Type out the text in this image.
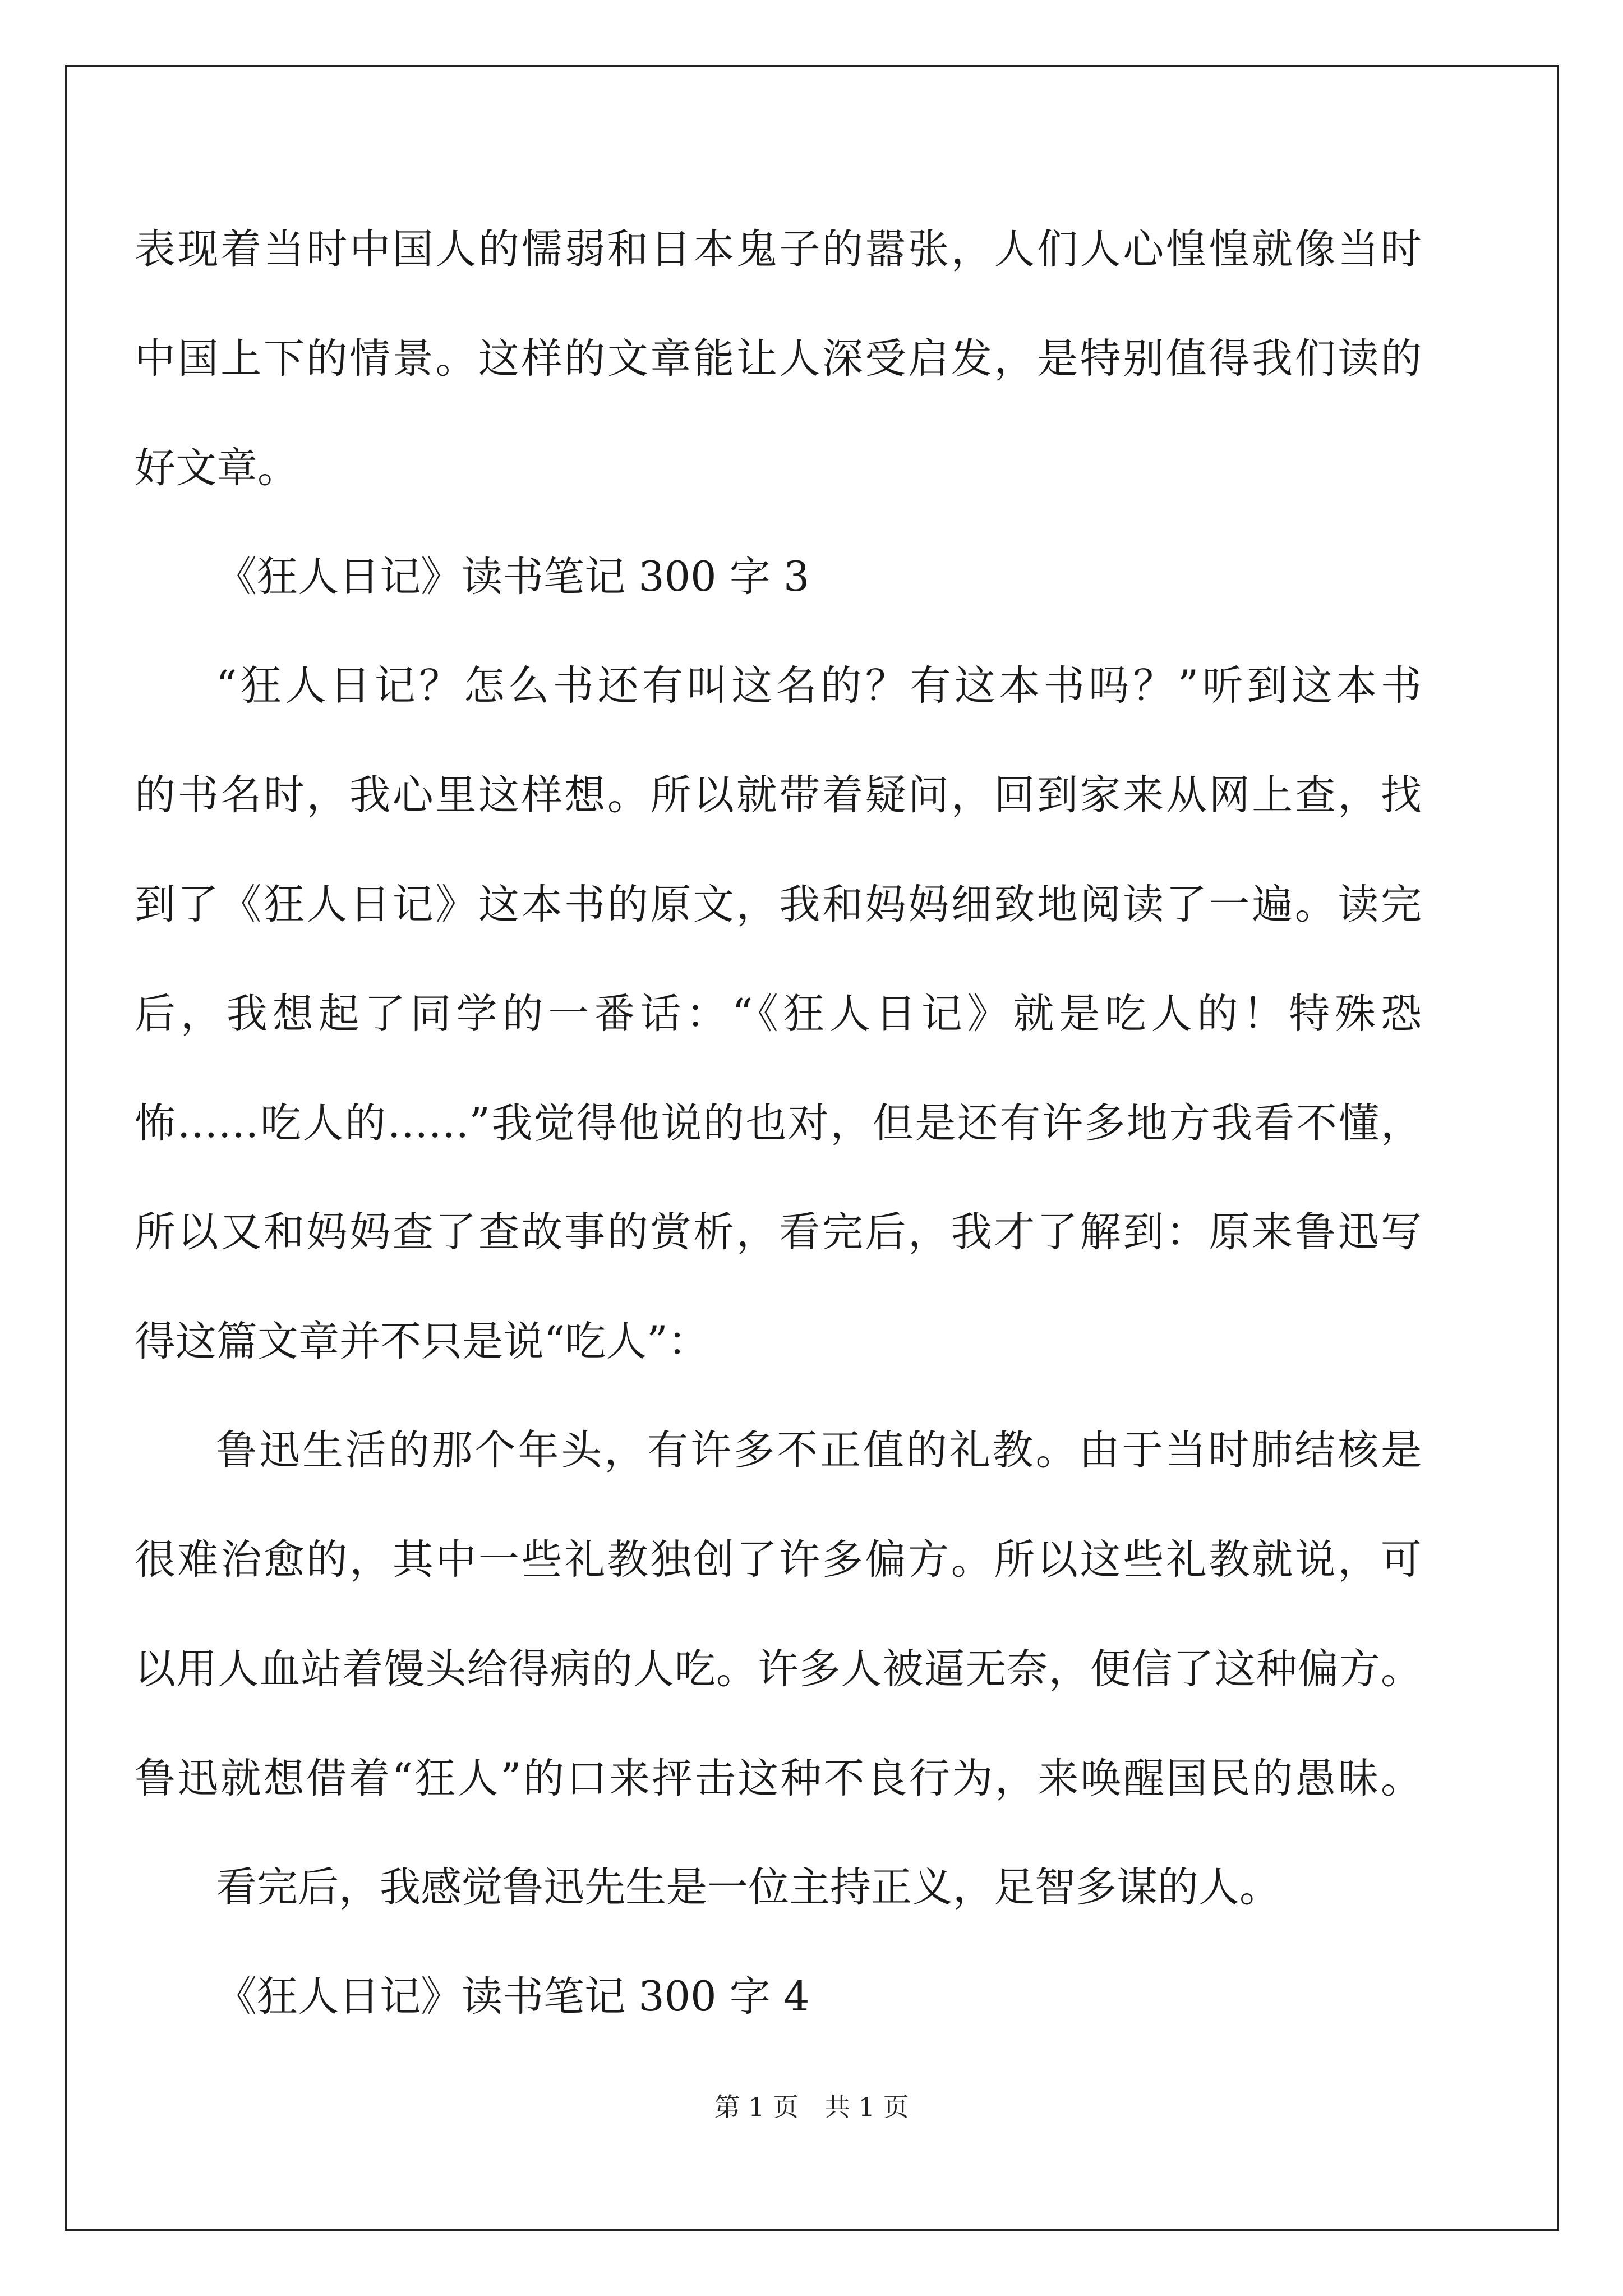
表现着当时中国人的懦弱和日本鬼子的嚣张，人们人心惶惶就像当时
中国上下的情景。这样的文章能让人深受启发，是特别值得我们读的
好文章。
《狂人日记》读书笔记 300 字 3
“狂人日记？怎么书还有叫这名的？有这本书吗？”听到这本书
的书名时，我心里这样想。所以就带着疑问，回到家来从网上查，找
到了《狂人日记》这本书的原文，我和妈妈细致地阅读了一遍。读完
后，我想起了同学的一番话：“《狂人日记》就是吃人的！特殊恐
怖……吃人的……”我觉得他说的也对，但是还有许多地方我看不懂，
所以又和妈妈查了查故事的赏析，看完后，我才了解到：原来鲁迅写
得这篇文章并不只是说“吃人”：
鲁迅生活的那个年头，有许多不正值的礼教。由于当时肺结核是
很难治愈的，其中一些礼教独创了许多偏方。所以这些礼教就说，可
以用人血站着馒头给得病的人吃。许多人被逼无奈，便信了这种偏方。
鲁迅就想借着“狂人”的口来抨击这种不良行为，来唤醒国民的愚昧。
看完后，我感觉鲁迅先生是一位主持正义，足智多谋的人。
《狂人日记》读书笔记 300 字 4
第 1 页　共 1 页
